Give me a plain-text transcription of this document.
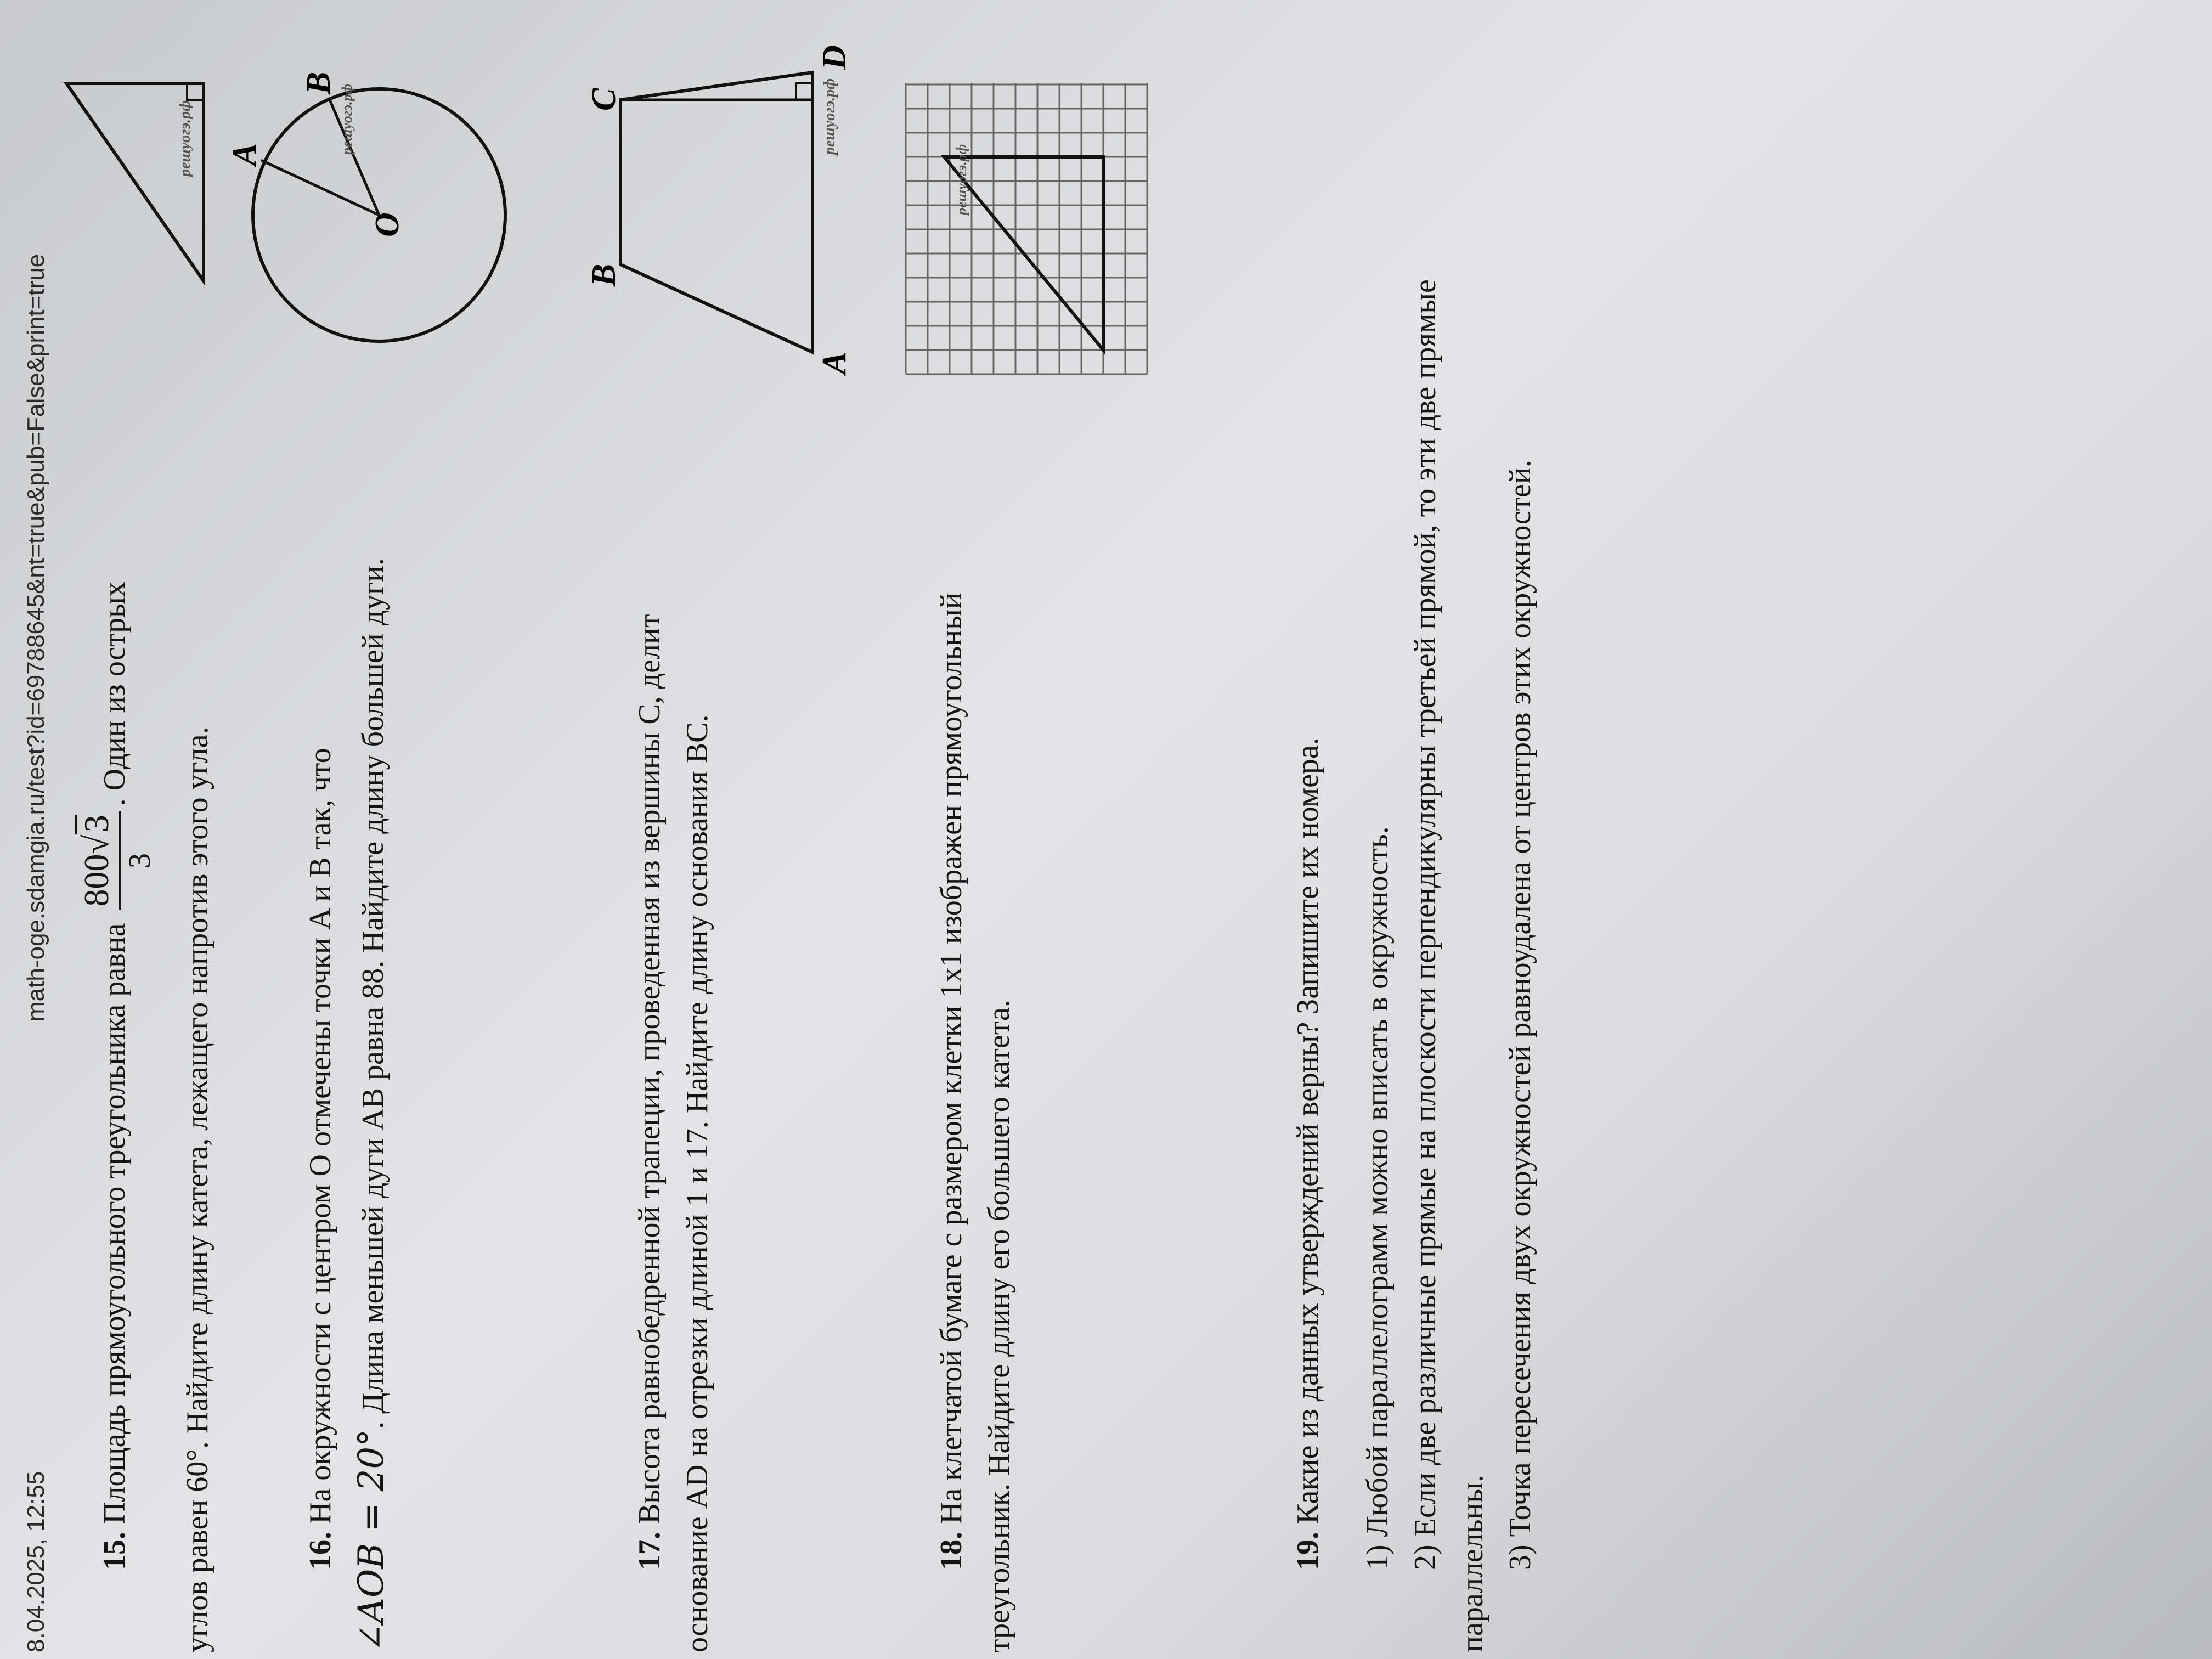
8.04.2025, 12:55
math-oge.sdamgia.ru/test?id=69788645&nt=true&pub=False&print=true
15. Площадь прямоугольного треугольника равна
800√3
3
. Один из острых
углов равен 60°. Найдите длину катета, лежащего напротив этого угла.
решуогэ.рф
16. На окружности с центром O отмечены точки A и B так, что
∠AOB = 20°. Длина меньшей дуги AB равна 88. Найдите длину большей дуги.
O
A
B
решуогэ.рф
17. Высота равнобедренной трапеции, проведенная из вершины C, делит основание AD на отрезки длиной 1 и 17. Найдите длину основания BC.
A
B
C
D
решуогэ.рф
18. На клетчатой бумаге с размером клетки 1x1 изображен прямоугольный треугольник. Найдите длину его большего катета.
решуогэ.рф
19. Какие из данных утверждений верны? Запишите их номера. 1) Любой параллелограмм можно вписать в окружность. 2) Если две различные прямые на плоскости перпендикулярны третьей прямой, то эти две прямые параллельны. 3) Точка пересечения двух окружностей равноудалена от центров этих окружностей.
